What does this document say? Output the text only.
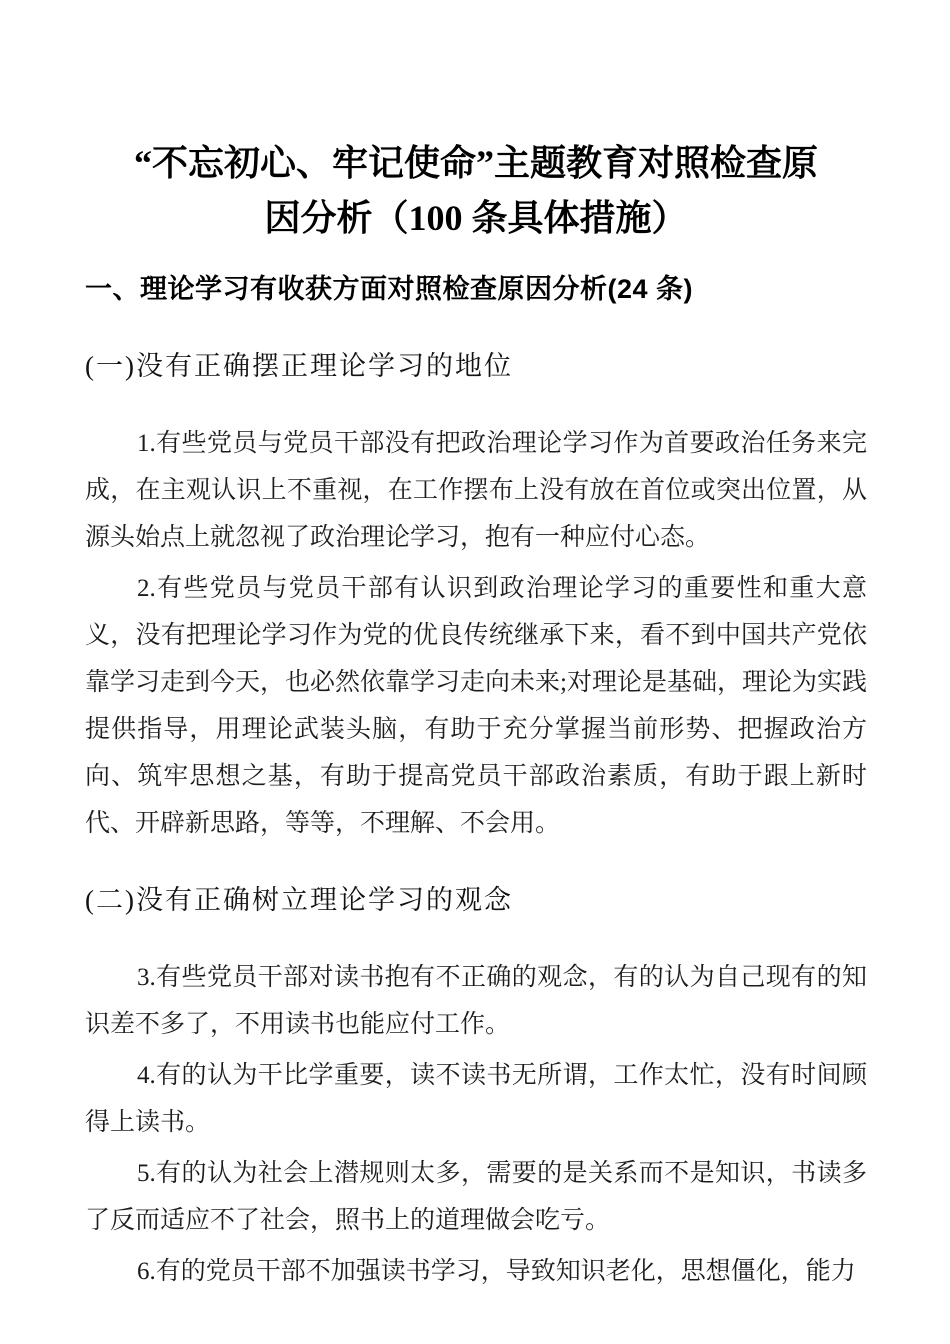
“不忘初心、牢记使命”主题教育对照检查原
因分析（100 条具体措施）
一、理论学习有收获方面对照检查原因分析(24 条)
(一)没有正确摆正理论学习的地位

1.有些党员与党员干部没有把政治理论学习作为首要政治任务来完成，在主观认识上不重视，在工作摆布上没有放在首位或突出位置，从源头始点上就忽视了政治理论学习，抱有一种应付心态。

2.有些党员与党员干部有认识到政治理论学习的重要性和重大意义，没有把理论学习作为党的优良传统继承下来，看不到中国共产党依靠学习走到今天，也必然依靠学习走向未来;对理论是基础，理论为实践提供指导，用理论武装头脑，有助于充分掌握当前形势、把握政治方向、筑牢思想之基，有助于提高党员干部政治素质，有助于跟上新时代、开辟新思路，等等，不理解、不会用。

(二)没有正确树立理论学习的观念

3.有些党员干部对读书抱有不正确的观念，有的认为自己现有的知识差不多了，不用读书也能应付工作。

4.有的认为干比学重要，读不读书无所谓，工作太忙，没有时间顾得上读书。

5.有的认为社会上潜规则太多，需要的是关系而不是知识，书读多了反而适应不了社会，照书上的道理做会吃亏。

6.有的党员干部不加强读书学习，导致知识老化，思想僵化，能力
